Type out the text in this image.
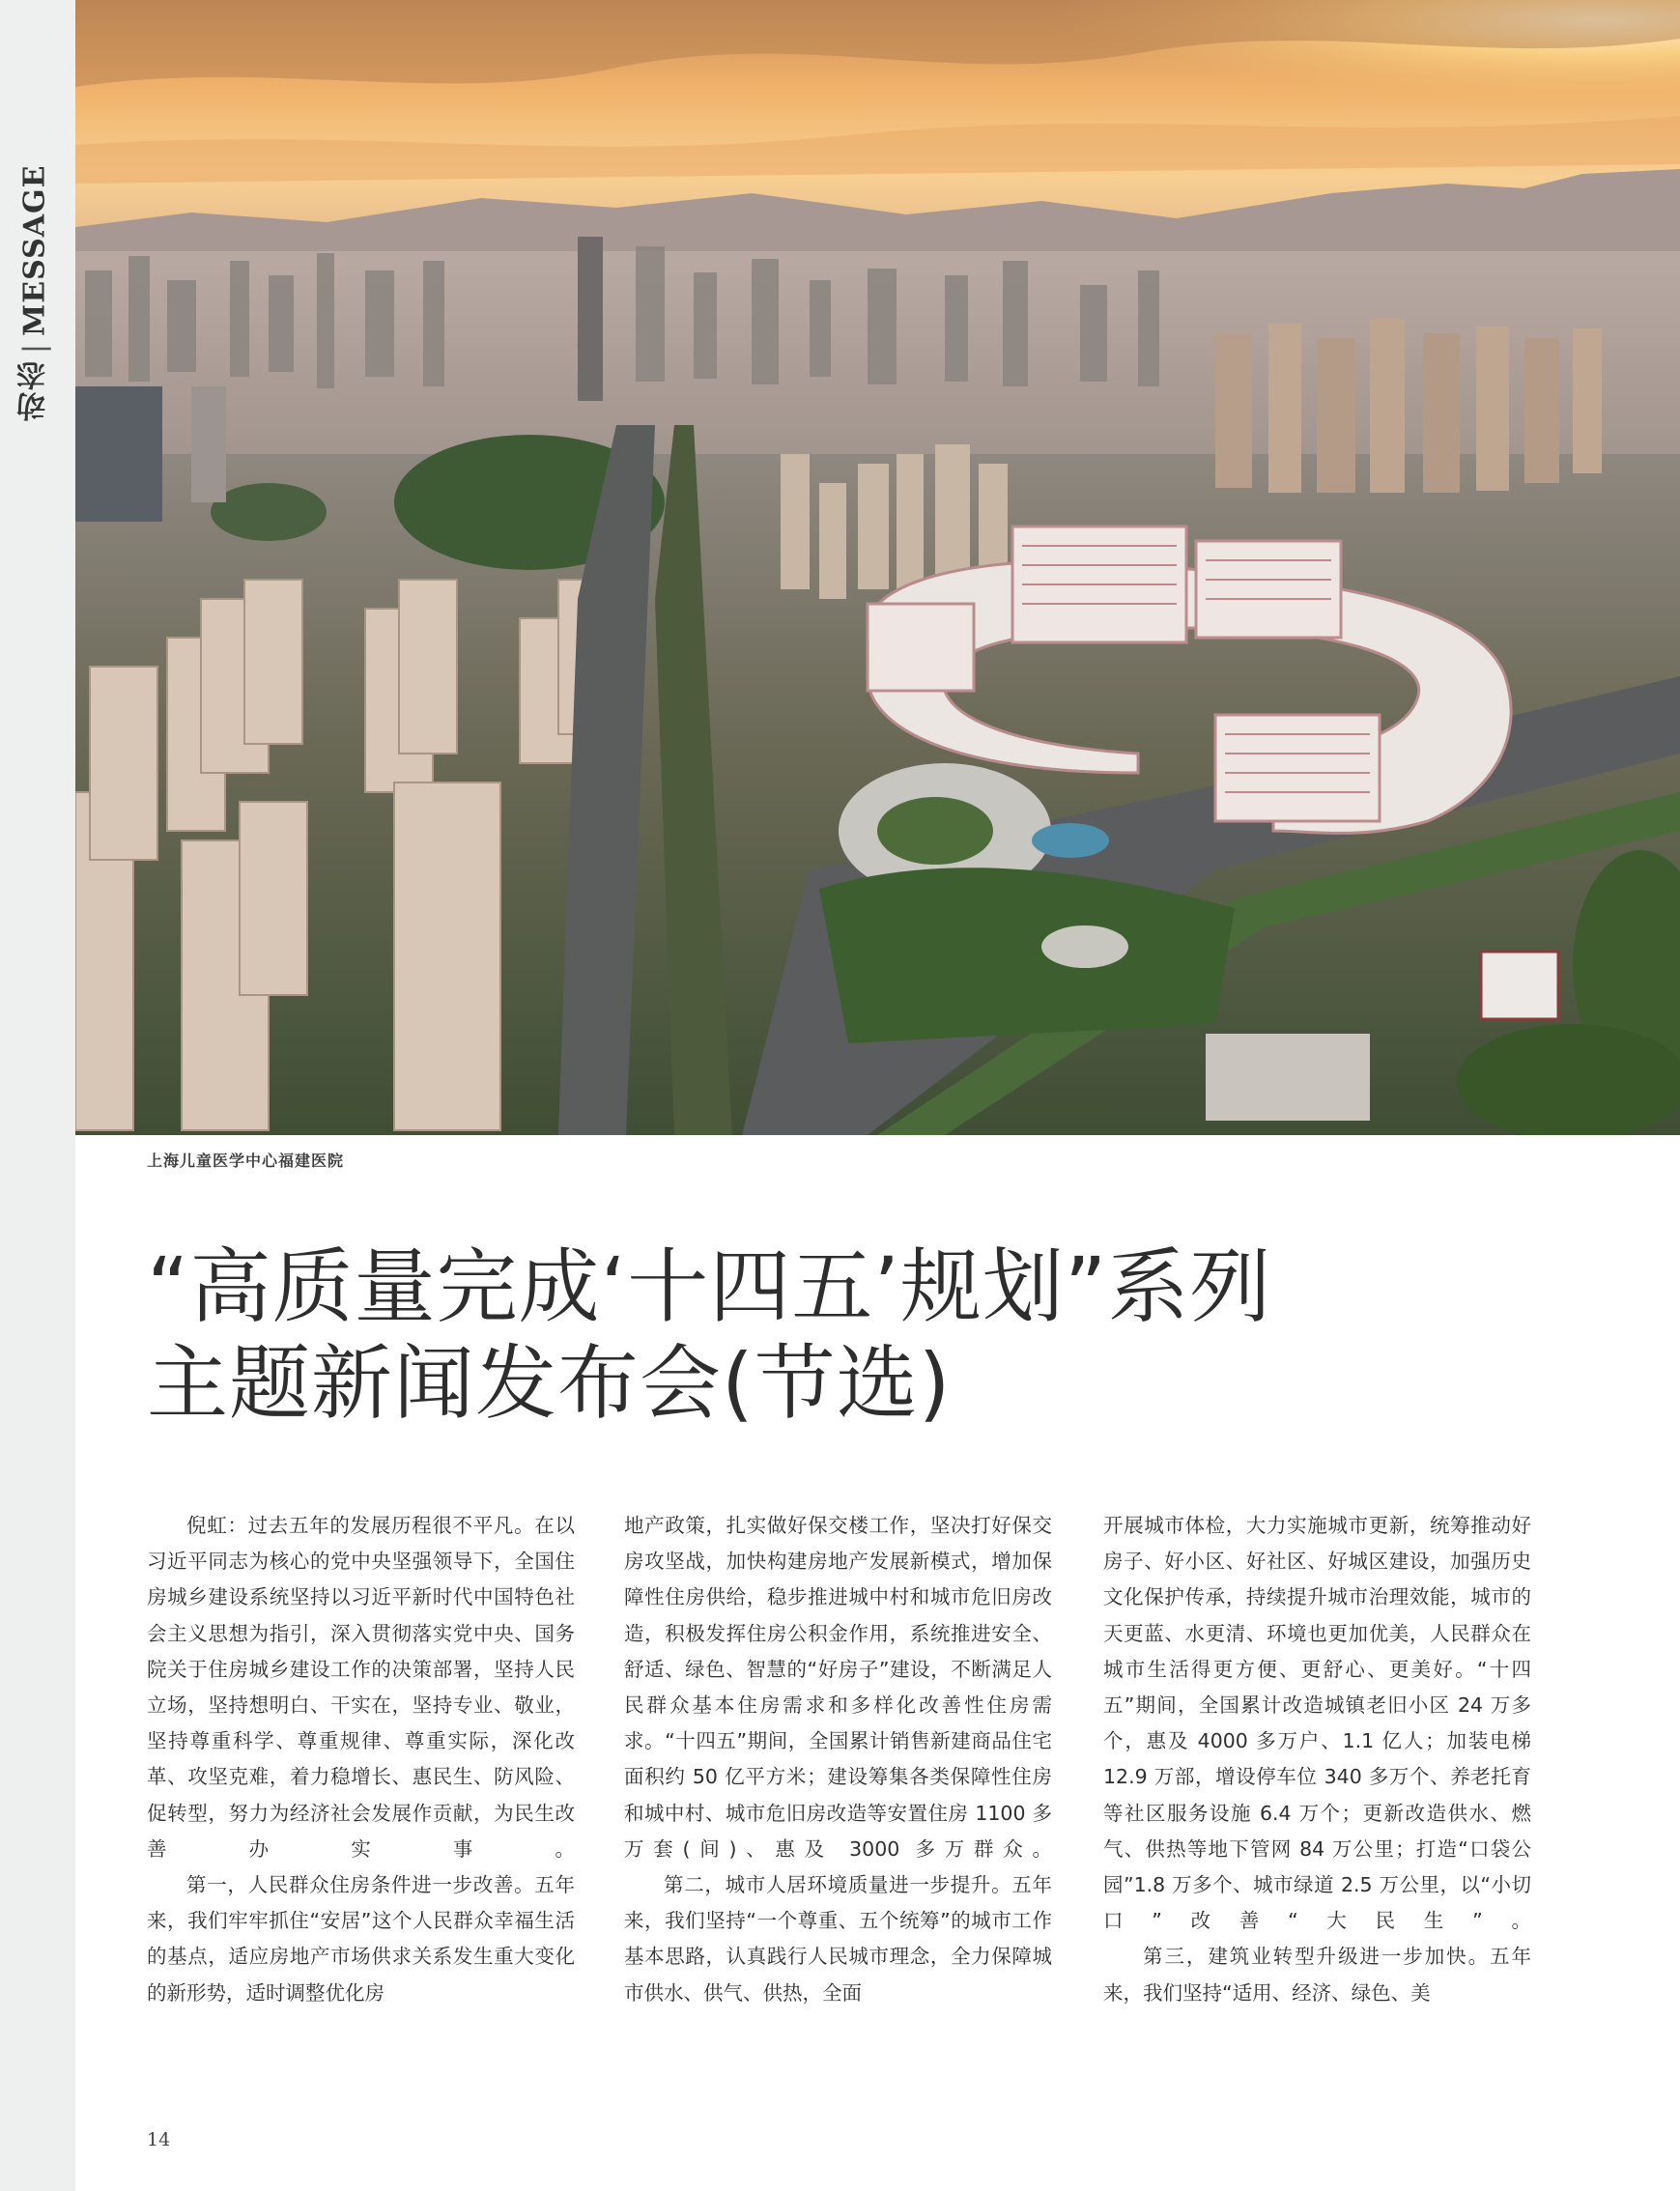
动态
|
MESSAGE
上海儿童医学中心福建医院
“高质量完成‘十四五’规划”系列
主题新闻发布会(节选)

倪虹：过去五年的发展历程很不平凡。在以习近平同志为核心的党中央坚强领导下，全国住房城乡建设系统坚持以习近平新时代中国特色社会主义思想为指引，深入贯彻落实党中央、国务院关于住房城乡建设工作的决策部署，坚持人民立场，坚持想明白、干实在，坚持专业、敬业，坚持尊重科学、尊重规律、尊重实际，深化改革、攻坚克难，着力稳增长、惠民生、防风险、促转型，努力为经济社会发展作贡献，为民生改善办实事。

第一，人民群众住房条件进一步改善。五年来，我们牢牢抓住“安居”这个人民群众幸福生活的基点，适应房地产市场供求关系发生重大变化的新形势，适时调整优化房

地产政策，扎实做好保交楼工作，坚决打好保交房攻坚战，加快构建房地产发展新模式，增加保障性住房供给，稳步推进城中村和城市危旧房改造，积极发挥住房公积金作用，系统推进安全、舒适、绿色、智慧的“好房子”建设，不断满足人民群众基本住房需求和多样化改善性住房需求。“十四五”期间，全国累计销售新建商品住宅面积约 50 亿平方米；建设筹集各类保障性住房和城中村、城市危旧房改造等安置住房 1100 多万套(间)、惠及 3000 多万群众。

第二，城市人居环境质量进一步提升。五年来，我们坚持“一个尊重、五个统筹”的城市工作基本思路，认真践行人民城市理念，全力保障城市供水、供气、供热，全面

开展城市体检，大力实施城市更新，统筹推动好房子、好小区、好社区、好城区建设，加强历史文化保护传承，持续提升城市治理效能，城市的天更蓝、水更清、环境也更加优美，人民群众在城市生活得更方便、更舒心、更美好。“十四五”期间，全国累计改造城镇老旧小区 24 万多个，惠及 4000 多万户、1.1 亿人；加装电梯 12.9 万部，增设停车位 340 多万个、养老托育等社区服务设施 6.4 万个；更新改造供水、燃气、供热等地下管网 84 万公里；打造“口袋公园”1.8 万多个、城市绿道 2.5 万公里，以“小切口”改善“大民生”。

第三，建筑业转型升级进一步加快。五年来，我们坚持“适用、经济、绿色、美

14
